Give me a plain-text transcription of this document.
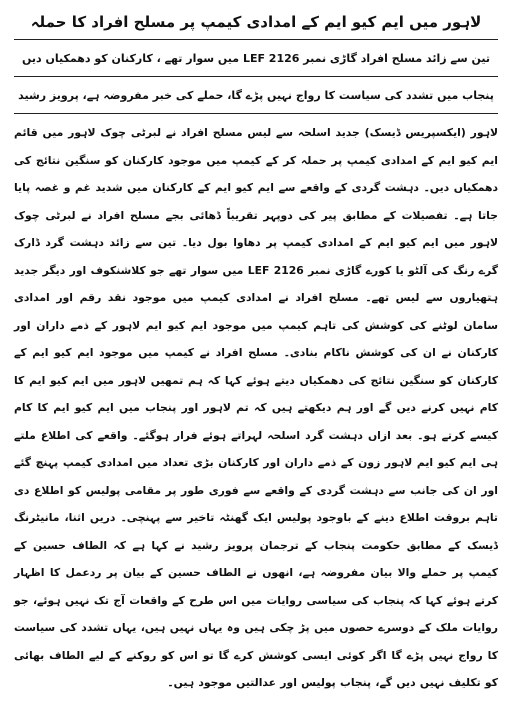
لاہور میں ایم کیو ایم کے امدادی کیمپ پر مسلح افراد کا حملہ
تین سے زائد مسلح افراد گاڑی نمبر LEF 2126 میں سوار تھے ، کارکنان کو دھمکیاں دیں
پنجاب میں تشدد کی سیاست کا رواج نہیں پڑے گا، حملے کی خبر مفروضہ ہے، پرویز رشید

لاہور (ایکسپریس ڈیسک) جدید اسلحہ سے لیس مسلح افراد نے لبرٹی چوک لاہور میں قائم ایم کیو ایم کے امدادی کیمپ پر حملہ کر کے کیمپ میں موجود کارکنان کو سنگین نتائج کی دھمکیاں دیں۔ دہشت گردی کے واقعے سے ایم کیو ایم کے کارکنان میں شدید غم و غصہ پایا جاتا ہے۔ تفصیلات کے مطابق پیر کی دوپہر تقریباً ڈھائی بجے مسلح افراد نے لبرٹی چوک لاہور میں ایم کیو ایم کے امدادی کیمپ پر دھاوا بول دیا۔ تین سے زائد دہشت گرد ڈارک گرے رنگ کی آلٹو یا کورے گاڑی نمبر LEF 2126 میں سوار تھے جو کلاشنکوف اور دیگر جدید ہتھیاروں سے لیس تھے۔ مسلح افراد نے امدادی کیمپ میں موجود نقد رقم اور امدادی سامان لوٹنے کی کوشش کی تاہم کیمپ میں موجود ایم کیو ایم لاہور کے ذمے داران اور کارکنان نے ان کی کوشش ناکام بنادی۔ مسلح افراد نے کیمپ میں موجود ایم کیو ایم کے کارکنان کو سنگین نتائج کی دھمکیاں دیتے ہوئے کہا کہ ہم تمھیں لاہور میں ایم کیو ایم کا کام نہیں کرنے دیں گے اور ہم دیکھتے ہیں کہ تم لاہور اور پنجاب میں ایم کیو ایم کا کام کیسے کرتے ہو۔ بعد ازاں دہشت گرد اسلحہ لہراتے ہوئے فرار ہوگئے۔ واقعے کی اطلاع ملتے ہی ایم کیو ایم لاہور زون کے ذمے داران اور کارکنان بڑی تعداد میں امدادی کیمپ پہنچ گئے اور ان کی جانب سے دہشت گردی کے واقعے سے فوری طور پر مقامی پولیس کو اطلاع دی تاہم بروقت اطلاع دینے کے باوجود پولیس ایک گھنٹہ تاخیر سے پہنچی۔ دریں اثنا، مانیٹرنگ ڈیسک کے مطابق حکومت پنجاب کے ترجمان پرویز رشید نے کہا ہے کہ الطاف حسین کے کیمپ پر حملے والا بیان مفروضہ ہے، انھوں نے الطاف حسین کے بیان پر ردعمل کا اظہار کرتے ہوئے کہا کہ پنجاب کی سیاسی روایات میں اس طرح کے واقعات آج تک نہیں ہوئے، جو روایات ملک کے دوسرے حصوں میں پڑ چکی ہیں وہ یہاں نہیں ہیں، یہاں تشدد کی سیاست کا رواج نہیں پڑے گا اگر کوئی ایسی کوشش کرے گا تو اس کو روکنے کے لیے الطاف بھائی کو تکلیف نہیں دیں گے، پنجاب پولیس اور عدالتیں موجود ہیں۔
